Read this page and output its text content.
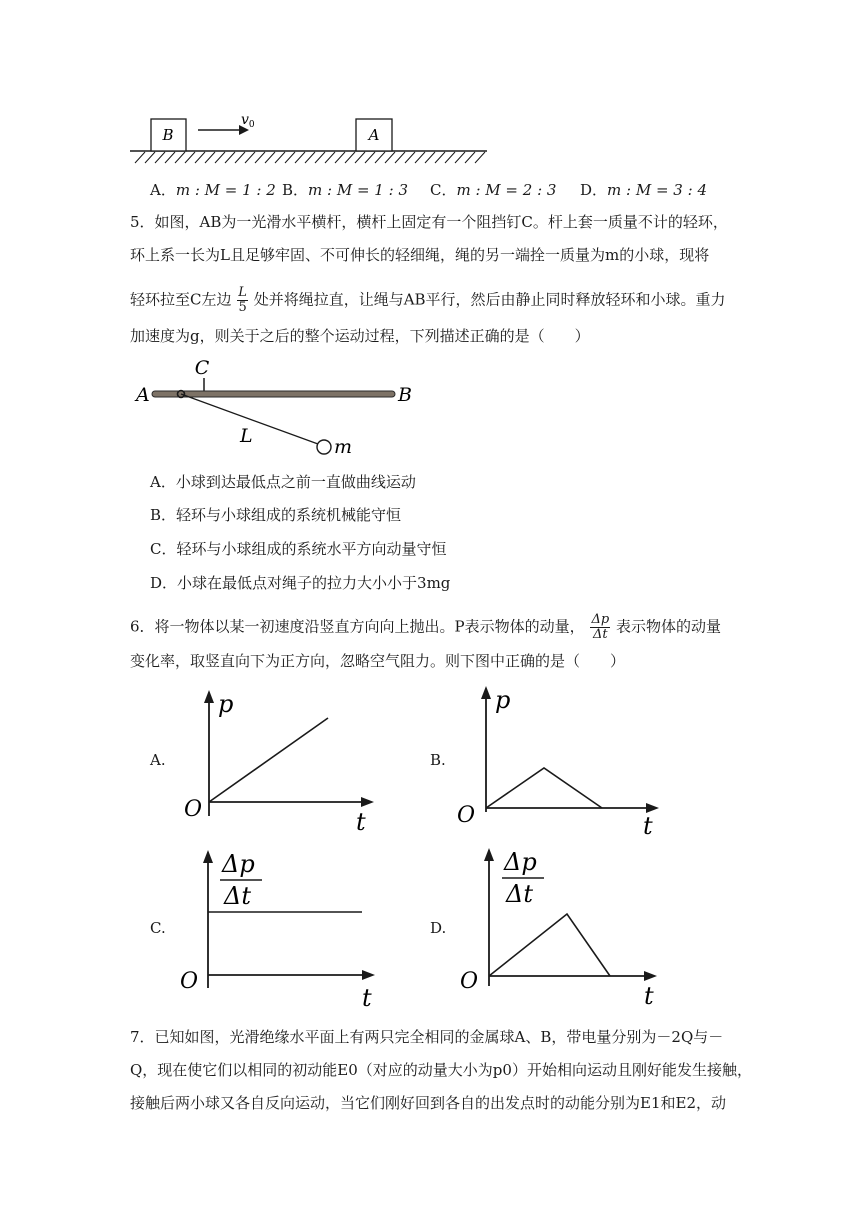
B
$v_0$
A
A．m : M = 1 : 2 B．m : M = 1 : 3 C．m : M = 2 : 3 D．m : M = 3 : 4
5．如图，AB为一光滑水平横杆，横杆上固定有一个阻挡钉C。杆上套一质量不计的轻环，
环上系一长为L且足够牢固、不可伸长的轻细绳，绳的另一端拴一质量为m的小球，现将
轻环拉至C左边 $\frac{L}{5}$ 处并将绳拉直，让绳与AB平行，然后由静止同时释放轻环和小球。重力
加速度为g，则关于之后的整个运动过程，下列描述正确的是（　　）
C
A	B
L	m
A．小球到达最低点之前一直做曲线运动
B．轻环与小球组成的系统机械能守恒
C．轻环与小球组成的系统水平方向动量守恒
D．小球在最低点对绳子的拉力大小小于3mg
6．将一物体以某一初速度沿竖直方向向上抛出。P表示物体的动量， $\frac{\Delta p}{\Delta t}$ 表示物体的动量
变化率，取竖直向下为正方向，忽略空气阻力。则下图中正确的是（　　）
A.
p
O	t
B.
p
O	t
C.
Δp
Δt
O
t
D.
Δp
Δt
O
t
7．已知如图，光滑绝缘水平面上有两只完全相同的金属球A、B，带电量分别为－2Q与－
Q，现在使它们以相同的初动能E0（对应的动量大小为p0）开始相向运动且刚好能发生接触，
接触后两小球又各自反向运动，当它们刚好回到各自的出发点时的动能分别为E1和E2，动
